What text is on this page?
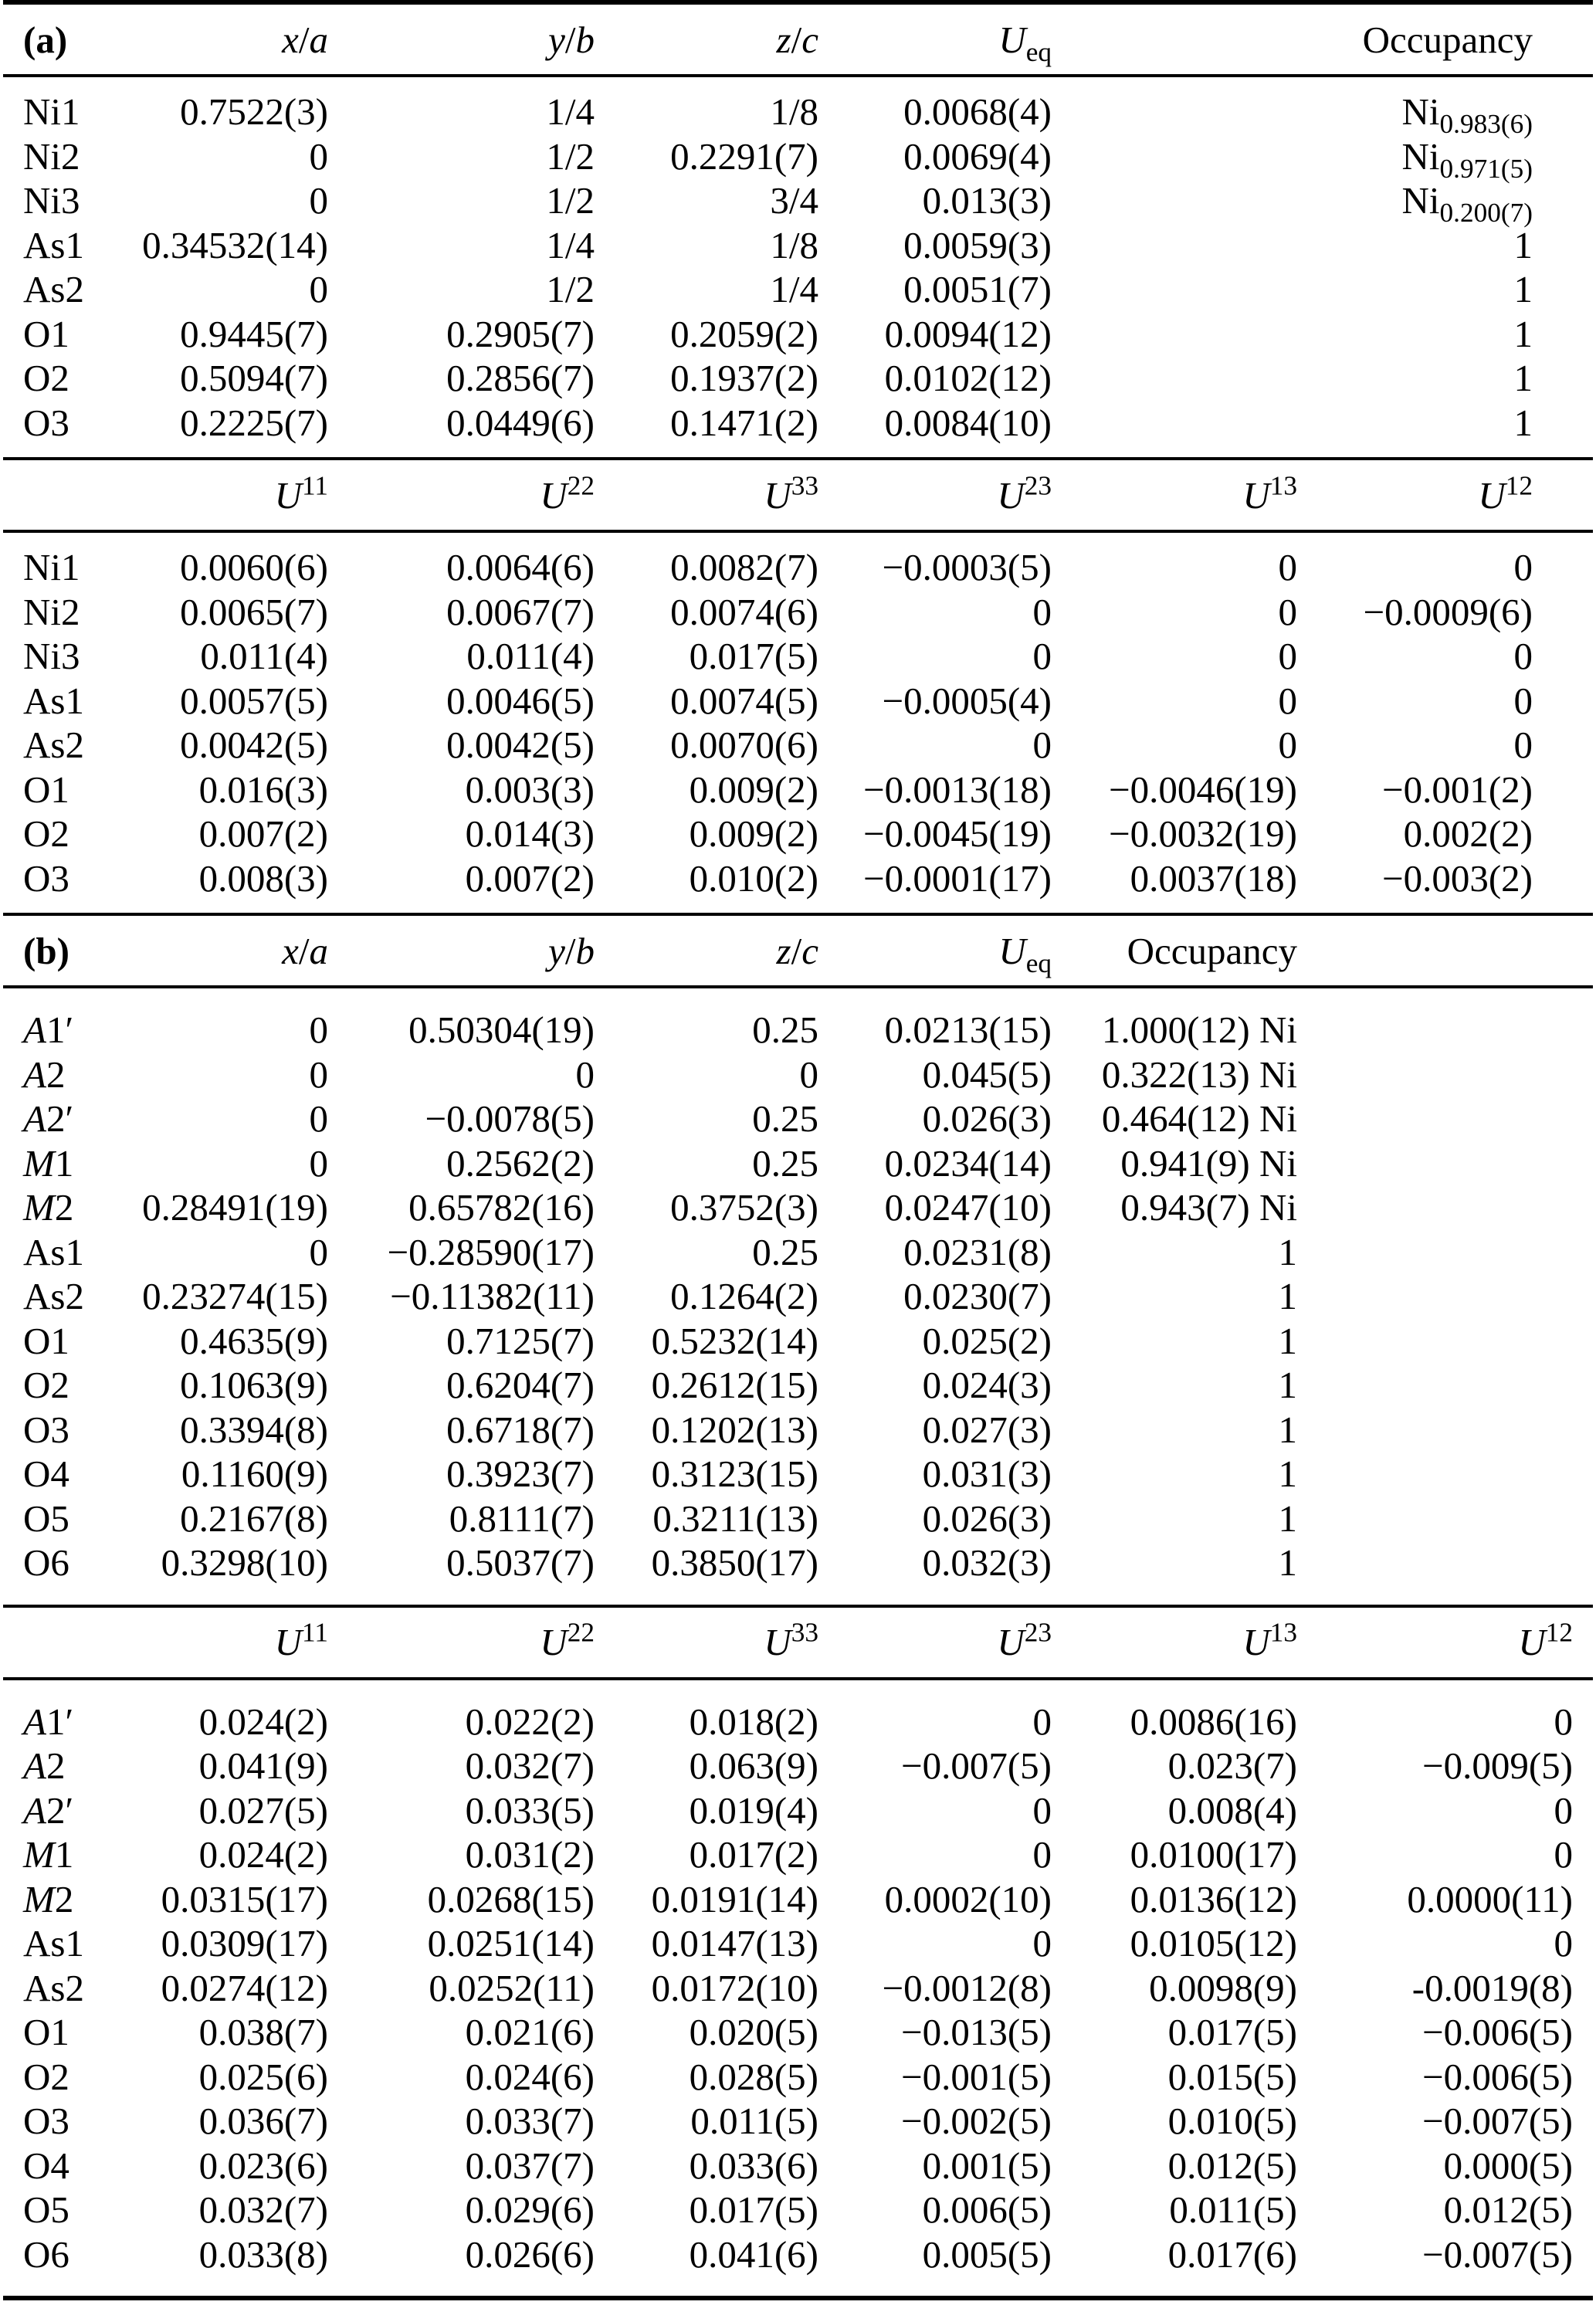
(a)	x/a	y/b	z/c	$U_{eq}$	Occupancy	
Ni1	0.7522(3)	1/4	1/8	0.0068(4)	$Ni_{0.983(6)}$	
Ni2	0	1/2	0.2291(7)	0.0069(4)	$Ni_{0.971(5)}$	
Ni3	0	1/2	3/4	0.013(3)	$Ni_{0.200(7)}$	
As1	0.34532(14)	1/4	1/8	0.0059(3)	1	
As2	0	1/2	1/4	0.0051(7)	1	
O1	0.9445(7)	0.2905(7)	0.2059(2)	0.0094(12)	1	
O2	0.5094(7)	0.2856(7)	0.1937(2)	0.0102(12)	1	
O3	0.2225(7)	0.0449(6)	0.1471(2)	0.0084(10)	1	
	$U^{11}$	$U^{22}$	$U^{33}$	$U^{23}$	$U^{13}$	$U^{12}$	
Ni1	0.0060(6)	0.0064(6)	0.0082(7)	−0.0003(5)	0	0	
Ni2	0.0065(7)	0.0067(7)	0.0074(6)	0	0	−0.0009(6)	
Ni3	0.011(4)	0.011(4)	0.017(5)	0	0	0	
As1	0.0057(5)	0.0046(5)	0.0074(5)	−0.0005(4)	0	0	
As2	0.0042(5)	0.0042(5)	0.0070(6)	0	0	0	
O1	0.016(3)	0.003(3)	0.009(2)	−0.0013(18)	−0.0046(19)	−0.001(2)	
O2	0.007(2)	0.014(3)	0.009(2)	−0.0045(19)	−0.0032(19)	0.002(2)	
O3	0.008(3)	0.007(2)	0.010(2)	−0.0001(17)	0.0037(18)	−0.003(2)	
(b)	x/a	y/b	z/c	$U_{eq}$	Occupancy	
A1′	0	0.50304(19)	0.25	0.0213(15)	1.000(12) Ni	
A2	0	0	0	0.045(5)	0.322(13) Ni	
A2′	0	−0.0078(5)	0.25	0.026(3)	0.464(12) Ni	
M1	0	0.2562(2)	0.25	0.0234(14)	0.941(9) Ni	
M2	0.28491(19)	0.65782(16)	0.3752(3)	0.0247(10)	0.943(7) Ni	
As1	0	−0.28590(17)	0.25	0.0231(8)	1	
As2	0.23274(15)	−0.11382(11)	0.1264(2)	0.0230(7)	1	
O1	0.4635(9)	0.7125(7)	0.5232(14)	0.025(2)	1	
O2	0.1063(9)	0.6204(7)	0.2612(15)	0.024(3)	1	
O3	0.3394(8)	0.6718(7)	0.1202(13)	0.027(3)	1	
O4	0.1160(9)	0.3923(7)	0.3123(15)	0.031(3)	1	
O5	0.2167(8)	0.8111(7)	0.3211(13)	0.026(3)	1	
O6	0.3298(10)	0.5037(7)	0.3850(17)	0.032(3)	1	
	$U^{11}$	$U^{22}$	$U^{33}$	$U^{23}$	$U^{13}$	$U^{12}$
A1′	0.024(2)	0.022(2)	0.018(2)	0	0.0086(16)	0
A2	0.041(9)	0.032(7)	0.063(9)	−0.007(5)	0.023(7)	−0.009(5)
A2′	0.027(5)	0.033(5)	0.019(4)	0	0.008(4)	0
M1	0.024(2)	0.031(2)	0.017(2)	0	0.0100(17)	0
M2	0.0315(17)	0.0268(15)	0.0191(14)	0.0002(10)	0.0136(12)	0.0000(11)
As1	0.0309(17)	0.0251(14)	0.0147(13)	0	0.0105(12)	0
As2	0.0274(12)	0.0252(11)	0.0172(10)	−0.0012(8)	0.0098(9)	-0.0019(8)
O1	0.038(7)	0.021(6)	0.020(5)	−0.013(5)	0.017(5)	−0.006(5)
O2	0.025(6)	0.024(6)	0.028(5)	−0.001(5)	0.015(5)	−0.006(5)
O3	0.036(7)	0.033(7)	0.011(5)	−0.002(5)	0.010(5)	−0.007(5)
O4	0.023(6)	0.037(7)	0.033(6)	0.001(5)	0.012(5)	0.000(5)
O5	0.032(7)	0.029(6)	0.017(5)	0.006(5)	0.011(5)	0.012(5)
O6	0.033(8)	0.026(6)	0.041(6)	0.005(5)	0.017(6)	−0.007(5)
